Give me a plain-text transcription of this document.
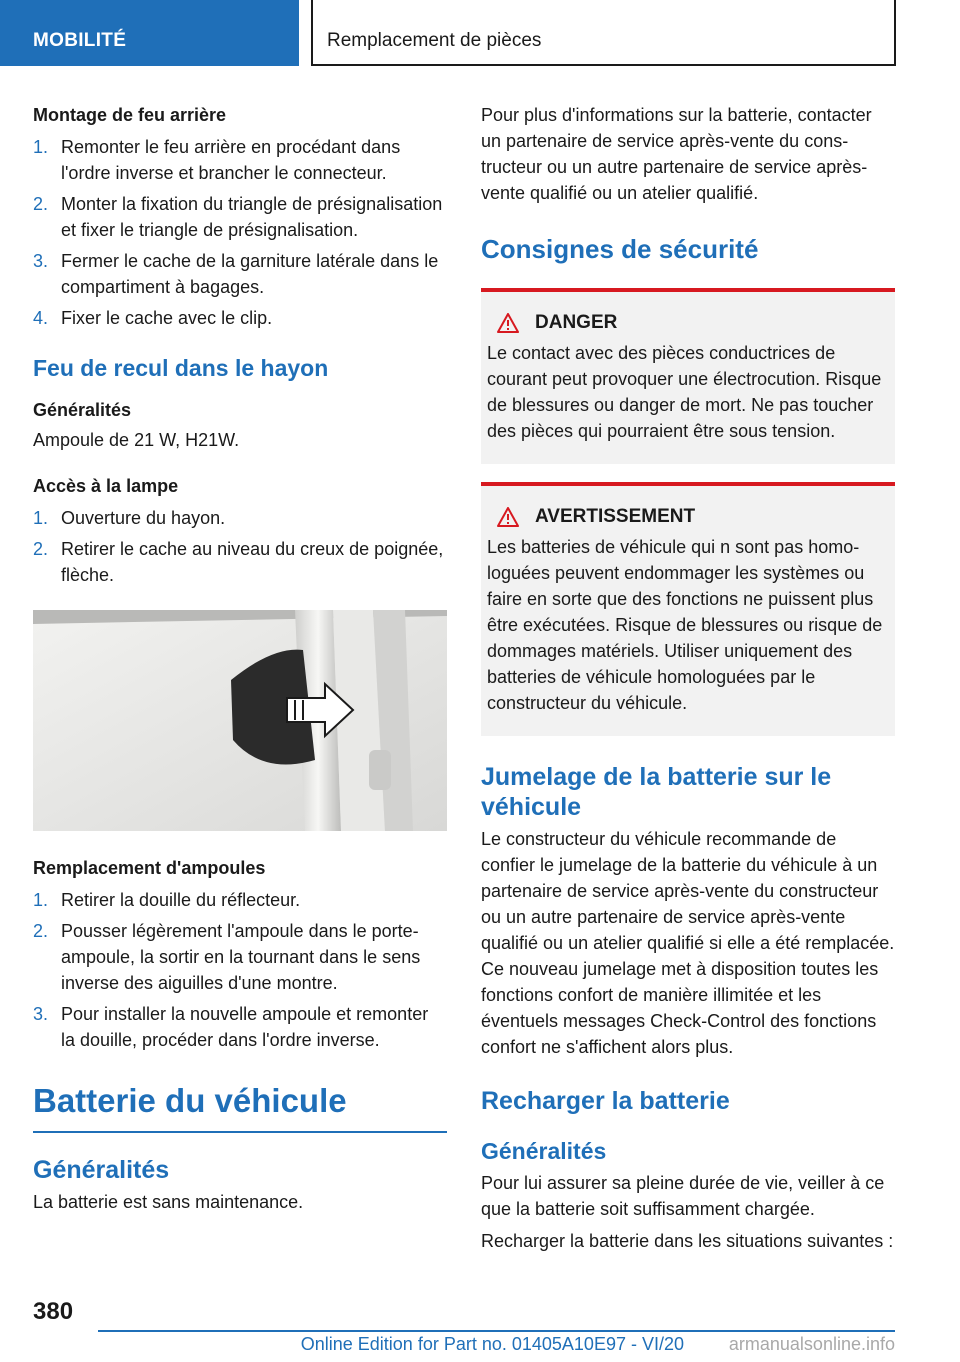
MOBILITÉ	Remplacement de pièces
Montage de feu arrière
1. Remonter le feu arrière en procédant dans l'ordre inverse et brancher le connecteur.
2. Monter la fixation du triangle de présignalisation et fixer le triangle de présignalisation.
3. Fermer le cache de la garniture latérale dans le compartiment à bagages.
4. Fixer le cache avec le clip.
Feu de recul dans le hayon
Généralités
Ampoule de 21 W, H21W.
Accès à la lampe
1. Ouverture du hayon.
2. Retirer le cache au niveau du creux de poignée, flèche.
Remplacement d'ampoules
1. Retirer la douille du réflecteur.
2. Pousser légèrement l'ampoule dans le porte-ampoule, la sortir en la tournant dans le sens inverse des aiguilles d'une montre.
3. Pour installer la nouvelle ampoule et remonter la douille, procéder dans l'ordre inverse.
Batterie du véhicule
Généralités
La batterie est sans maintenance.
Pour plus d'informations sur la batterie, contacter un partenaire de service après-vente du constructeur ou un autre partenaire de service après-vente qualifié ou un atelier qualifié.
Consignes de sécurité
DANGER
Le contact avec des pièces conductrices de courant peut provoquer une électrocution. Risque de blessures ou danger de mort. Ne pas toucher des pièces qui pourraient être sous tension.
AVERTISSEMENT
Les batteries de véhicule qui n sont pas homologuées peuvent endommager les systèmes ou faire en sorte que des fonctions ne puissent plus être exécutées. Risque de blessures ou risque de dommages matériels. Utiliser uniquement des batteries de véhicule homologuées par le constructeur du véhicule.
Jumelage de la batterie sur le véhicule
Le constructeur du véhicule recommande de confier le jumelage de la batterie du véhicule à un partenaire de service après-vente du constructeur ou un autre partenaire de service après-vente qualifié ou un atelier qualifié si elle a été remplacée. Ce nouveau jumelage met à disposition toutes les fonctions confort de manière illimitée et les éventuels messages Check-Control des fonctions confort ne s'affichent alors plus.
Recharger la batterie
Généralités
Pour lui assurer sa pleine durée de vie, veiller à ce que la batterie soit suffisamment chargée.
Recharger la batterie dans les situations suivantes :
380
Online Edition for Part no. 01405A10E97 - VI/20 armanualsonline.info
